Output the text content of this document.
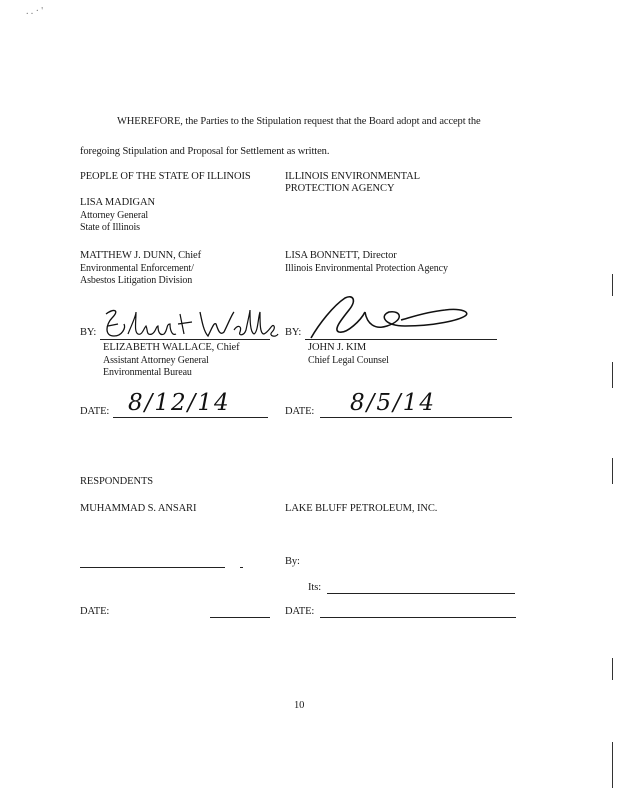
. . · '
WHEREFORE, the Parties to the Stipulation request that the Board adopt and accept the
foregoing Stipulation and Proposal for Settlement as written.
PEOPLE OF THE STATE OF ILLINOIS
LISA MADIGAN
Attorney General
State of Illinois
MATTHEW J. DUNN, Chief
Environmental Enforcement/
Asbestos Litigation Division
ILLINOIS ENVIRONMENTAL
PROTECTION AGENCY
LISA BONNETT, Director
Illinois Environmental Protection Agency
BY:
ELIZABETH WALLACE, Chief
Assistant Attorney General
Environmental Bureau
BY:
JOHN J. KIM
Chief Legal Counsel
DATE: 8/12/14	DATE: 8/5/14
RESPONDENTS
MUHAMMAD S. ANSARI	LAKE BLUFF PETROLEUM, INC.
By:
Its:
DATE:	DATE:
10
